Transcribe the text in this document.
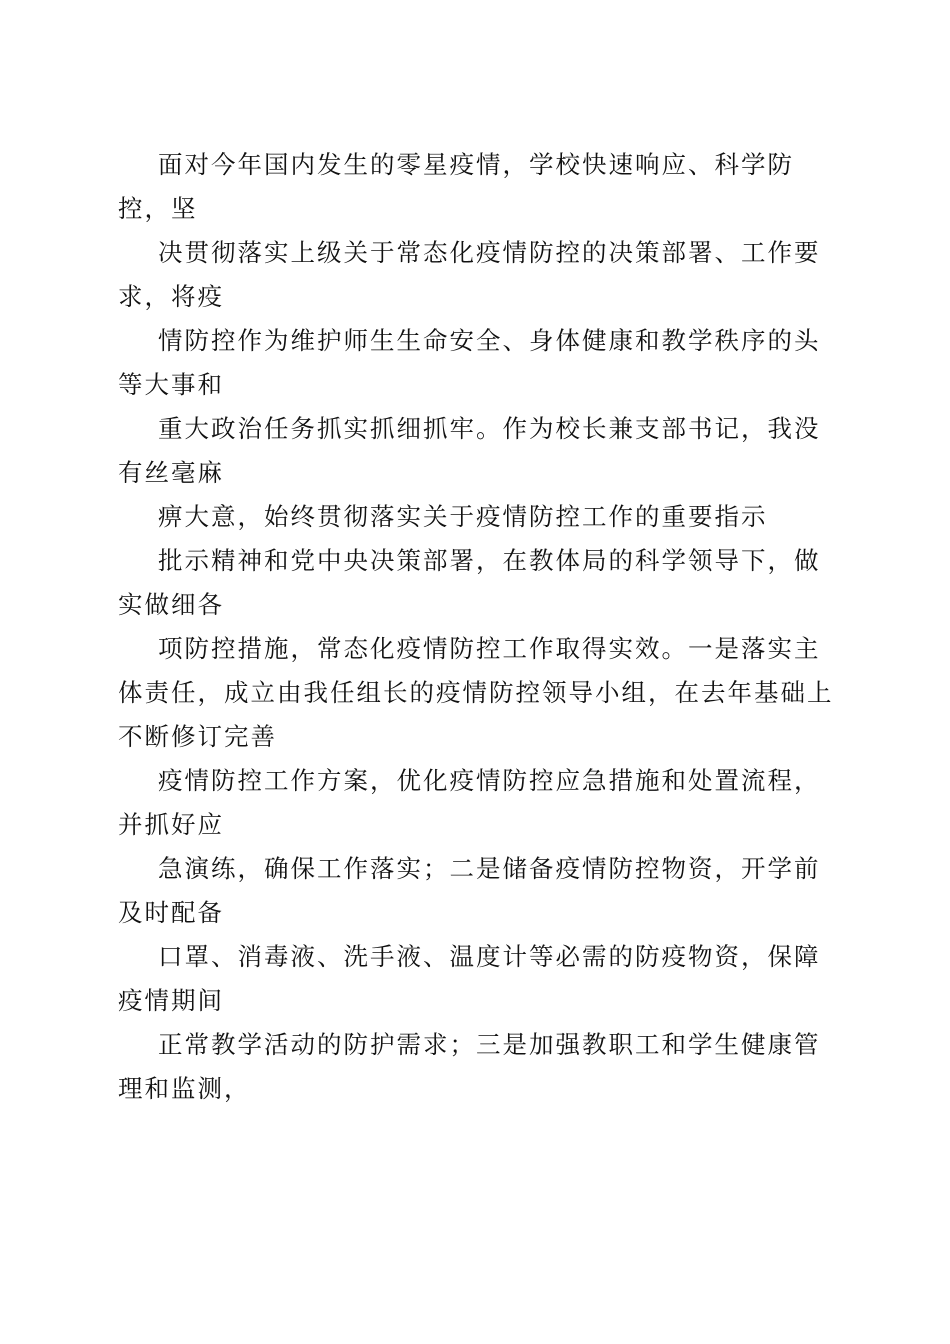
面对今年国内发生的零星疫情，学校快速响应、科学防控，坚

决贯彻落实上级关于常态化疫情防控的决策部署、工作要求，将疫

情防控作为维护师生生命安全、身体健康和教学秩序的头等大事和

重大政治任务抓实抓细抓牢。作为校长兼支部书记，我没有丝毫麻

痹大意，始终贯彻落实关于疫情防控工作的重要指示

批示精神和党中央决策部署，在教体局的科学领导下，做实做细各

项防控措施，常态化疫情防控工作取得实效。一是落实主体责任，成立由我任组长的疫情防控领导小组，在去年基础上不断修订完善

疫情防控工作方案，优化疫情防控应急措施和处置流程，并抓好应

急演练，确保工作落实；二是储备疫情防控物资，开学前及时配备

口罩、消毒液、洗手液、温度计等必需的防疫物资，保障疫情期间

正常教学活动的防护需求；三是加强教职工和学生健康管理和监测，
